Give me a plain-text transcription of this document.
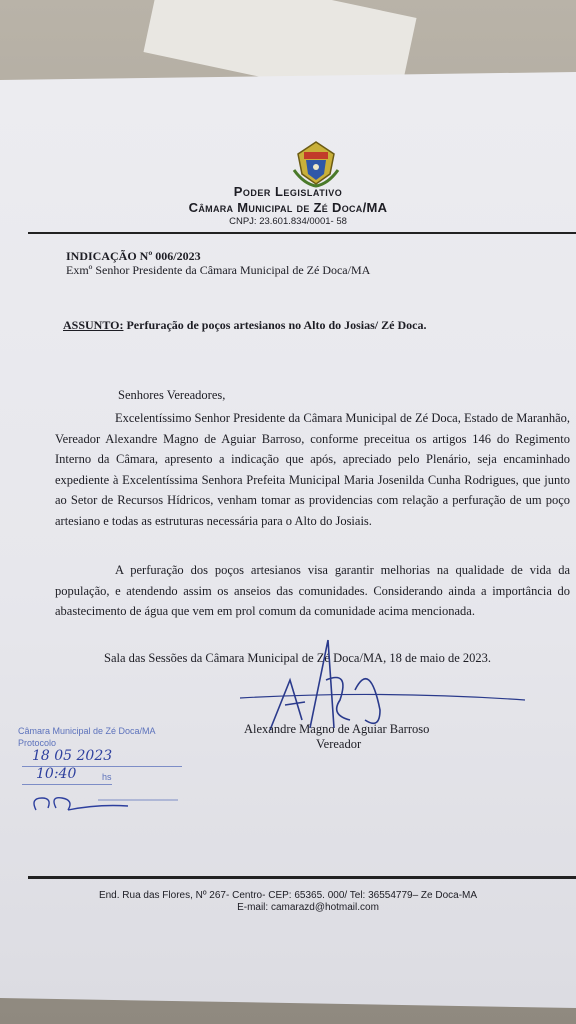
Poder Legislativo
Câmara Municipal de Zé Doca/MA
CNPJ: 23.601.834/0001- 58
INDICAÇÃO Nº 006/2023
Exmº Senhor Presidente da Câmara Municipal de Zé Doca/MA
ASSUNTO: Perfuração de poços artesianos no Alto do Josias/ Zé Doca.
Senhores Vereadores,
Excelentíssimo Senhor Presidente da Câmara Municipal de Zé Doca, Estado de Maranhão, Vereador Alexandre Magno de Aguiar Barroso, conforme preceitua os artigos 146 do Regimento Interno da Câmara, apresento a indicação que após, apreciado pelo Plenário, seja encaminhado expediente à Excelentíssima Senhora Prefeita Municipal Maria Josenilda Cunha Rodrigues, que junto ao Setor de Recursos Hídricos, venham tomar as providencias com relação a perfuração de um poço artesiano e todas as estruturas necessária para o Alto do Josiais.
A perfuração dos poços artesianos visa garantir melhorias na qualidade de vida da população, e atendendo assim os anseios das comunidades. Considerando ainda a importância do abastecimento de água que vem em prol comum da comunidade acima mencionada.
Sala das Sessões da Câmara Municipal de Zé Doca/MA, 18 de maio de 2023.
Alexandre Magno de Aguiar Barroso
Vereador
Câmara Municipal de Zé Doca/MA
Protocolo
18 05 2023
10:40	hs
End. Rua das Flores, Nº 267- Centro- CEP: 65365. 000/ Tel: 36554779– Ze Doca-MA
E-mail: camarazd@hotmail.com
